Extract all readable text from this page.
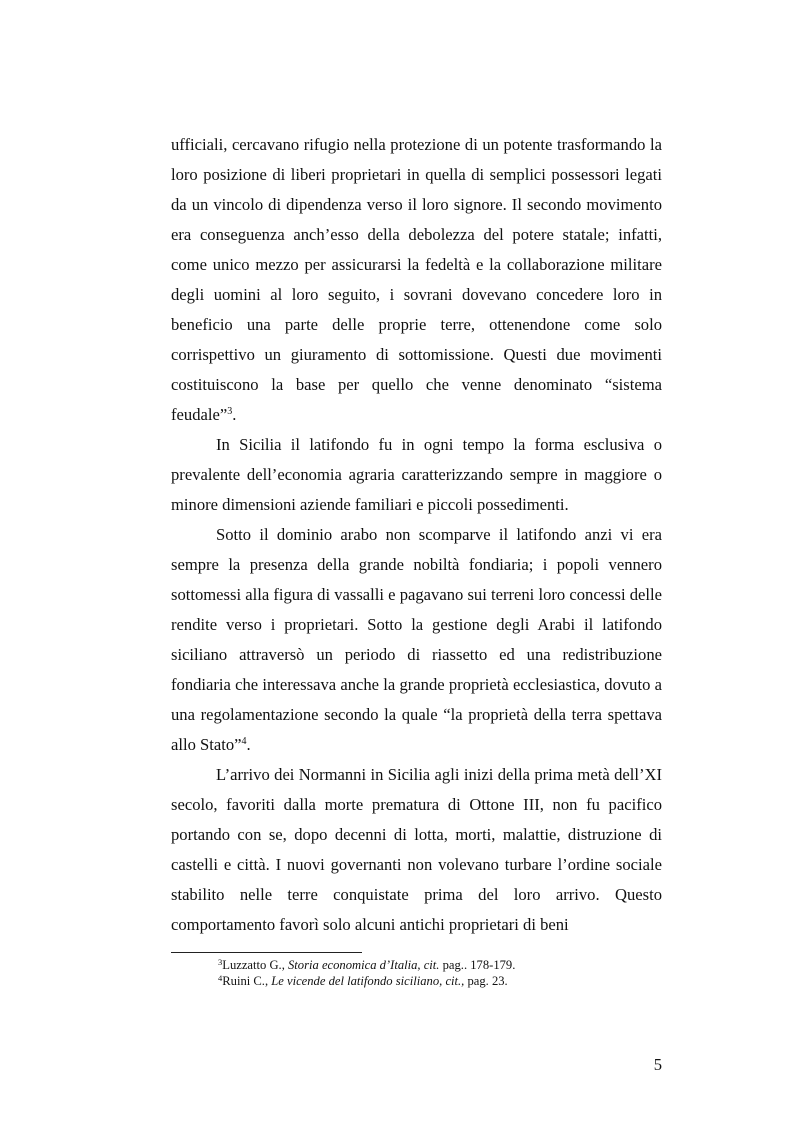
ufficiali, cercavano rifugio nella protezione di un potente trasformando la loro posizione di liberi proprietari in quella di semplici possessori legati da un vincolo di dipendenza verso il loro signore. Il secondo movimento era conseguenza anch’esso della debolezza del potere statale; infatti, come unico mezzo per assicurarsi la fedeltà e la collaborazione militare degli uomini al loro seguito, i sovrani dovevano concedere loro in beneficio una parte delle proprie terre, ottenendone come solo corrispettivo un giuramento di sottomissione. Questi due movimenti costituiscono la base per quello che venne denominato “sistema feudale”$^3$.

In Sicilia il latifondo fu in ogni tempo la forma esclusiva o prevalente dell’economia agraria caratterizzando sempre in maggiore o minore dimensioni aziende familiari e piccoli possedimenti.

Sotto il dominio arabo non scomparve il latifondo anzi vi era sempre la presenza della grande nobiltà fondiaria; i popoli vennero sottomessi alla figura di vassalli e pagavano sui terreni loro concessi delle rendite verso i proprietari. Sotto la gestione degli Arabi il latifondo siciliano attraversò un periodo di riassetto ed una redistribuzione fondiaria che interessava anche la grande proprietà ecclesiastica, dovuto a una regolamentazione secondo la quale “la proprietà della terra spettava allo Stato”$^4$.

L’arrivo dei Normanni in Sicilia agli inizi della prima metà dell’XI secolo, favoriti dalla morte prematura di Ottone III, non fu pacifico portando con se, dopo decenni di lotta, morti, malattie, distruzione di castelli e città. I nuovi governanti non volevano turbare l’ordine sociale stabilito nelle terre conquistate prima del loro arrivo. Questo comportamento favorì solo alcuni antichi proprietari di beni

$^3$Luzzatto G., Storia economica d’Italia, cit. pag.. 178-179.
$^4$Ruini C., Le vicende del latifondo siciliano, cit., pag. 23.
5
